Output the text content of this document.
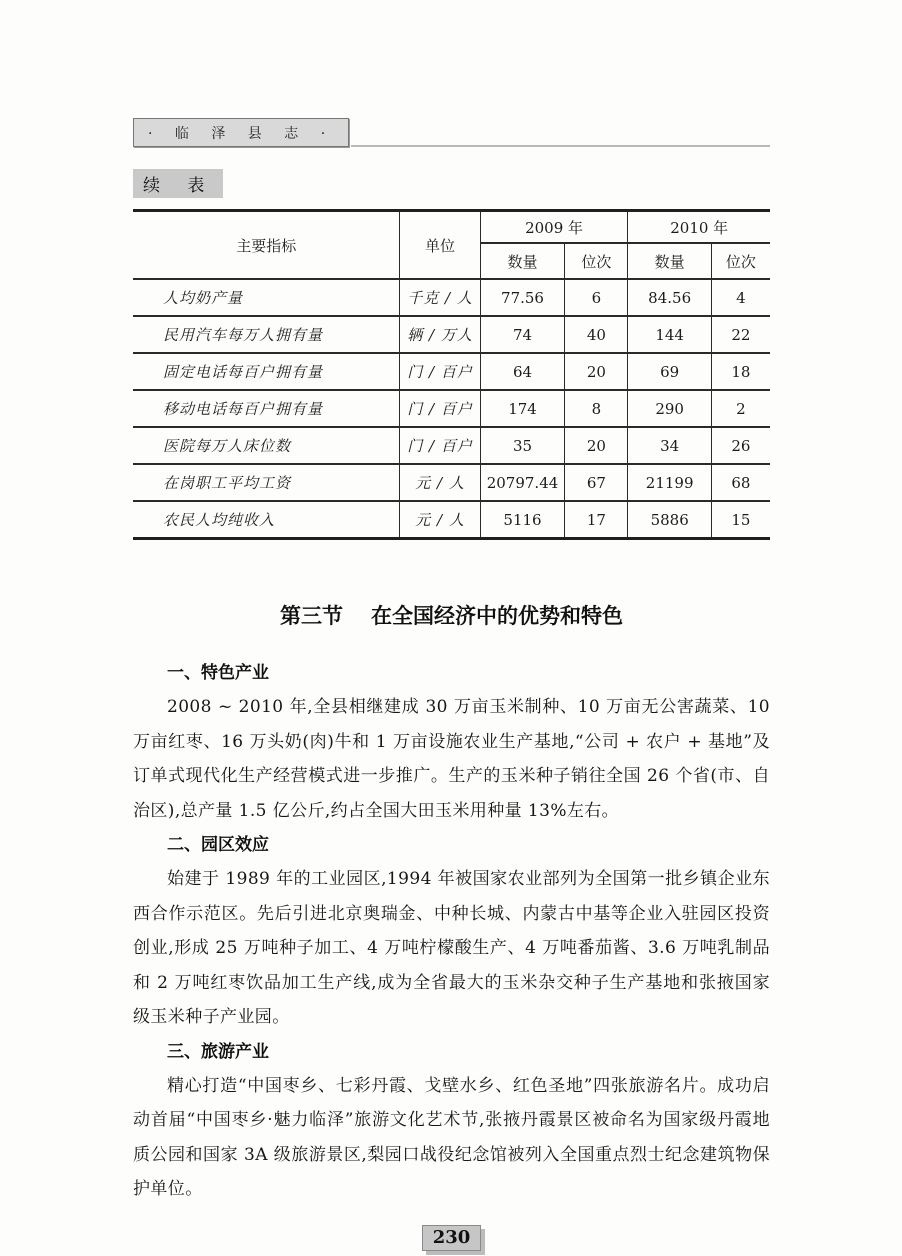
· 临 泽 县 志 ·
续 表
主要指标	单位	2009 年		2010 年	
		数量	位次	数量	位次
人均奶产量	千克 / 人	77.56	6	84.56	4
民用汽车每万人拥有量	辆 / 万人	74	40	144	22
固定电话每百户拥有量	门 / 百户	64	20	69	18
移动电话每百户拥有量	门 / 百户	174	8	290	2
医院每万人床位数	门 / 百户	35	20	34	26
在岗职工平均工资	元 / 人	20797.44	67	21199	68
农民人均纯收入	元 / 人	5116	17	5886	15
第三节 在全国经济中的优势和特色
一、特色产业

2008 ~ 2010 年,全县相继建成 30 万亩玉米制种、10 万亩无公害蔬菜、10 万亩红枣、16 万头奶(肉)牛和 1 万亩设施农业生产基地,“公司 + 农户 + 基地”及订单式现代化生产经营模式进一步推广。生产的玉米种子销往全国 26 个省(市、自治区),总产量 1.5 亿公斤,约占全国大田玉米用种量 13%左右。

二、园区效应

始建于 1989 年的工业园区,1994 年被国家农业部列为全国第一批乡镇企业东西合作示范区。先后引进北京奥瑞金、中种长城、内蒙古中基等企业入驻园区投资创业,形成 25 万吨种子加工、4 万吨柠檬酸生产、4 万吨番茄酱、3.6 万吨乳制品和 2 万吨红枣饮品加工生产线,成为全省最大的玉米杂交种子生产基地和张掖国家级玉米种子产业园。

三、旅游产业

精心打造“中国枣乡、七彩丹霞、戈壁水乡、红色圣地”四张旅游名片。成功启动首届“中国枣乡·魅力临泽”旅游文化艺术节,张掖丹霞景区被命名为国家级丹霞地质公园和国家 3A 级旅游景区,梨园口战役纪念馆被列入全国重点烈士纪念建筑物保护单位。

230
